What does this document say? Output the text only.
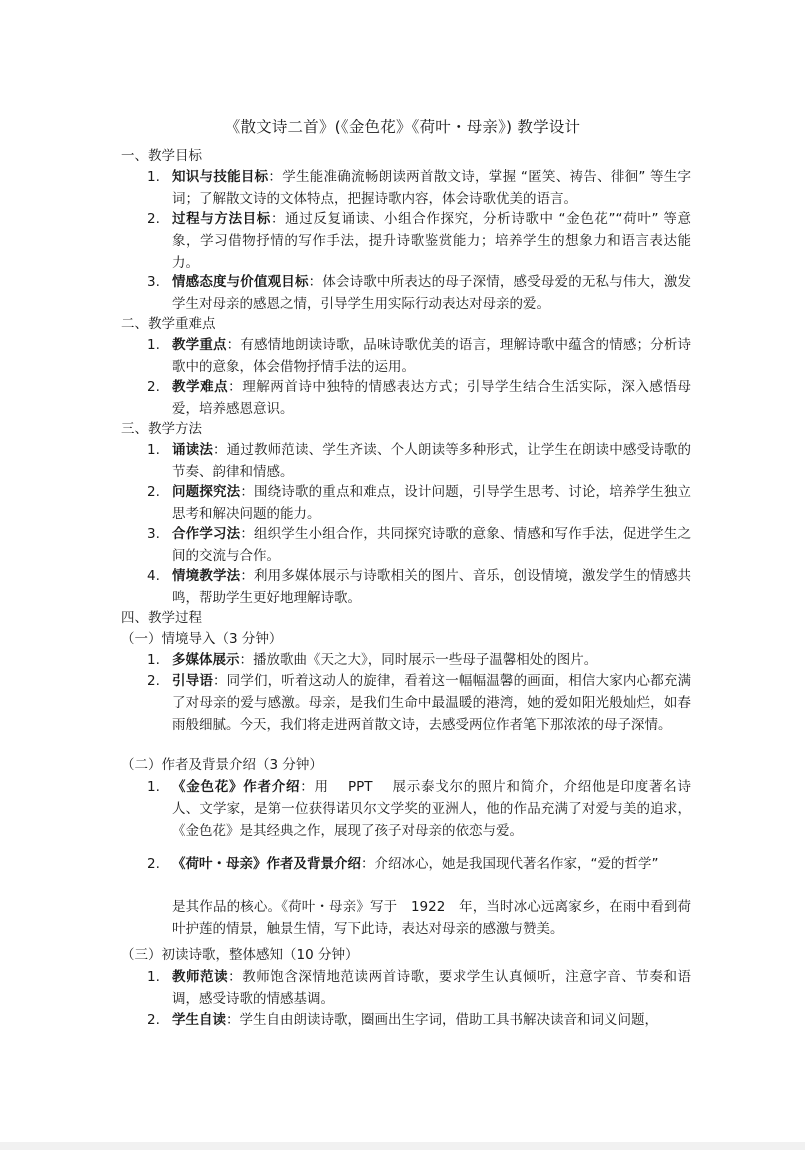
《散文诗二首》(《金色花》《荷叶・母亲》) 教学设计
一、教学目标
1. 知识与技能目标：学生能准确流畅朗读两首散文诗，掌握 “匿笑、祷告、徘徊” 等生字词；了解散文诗的文体特点，把握诗歌内容，体会诗歌优美的语言。
2. 过程与方法目标：通过反复诵读、小组合作探究，分析诗歌中 “金色花”“荷叶” 等意象，学习借物抒情的写作手法，提升诗歌鉴赏能力；培养学生的想象力和语言表达能力。
3. 情感态度与价值观目标：体会诗歌中所表达的母子深情，感受母爱的无私与伟大，激发学生对母亲的感恩之情，引导学生用实际行动表达对母亲的爱。
二、教学重难点
1. 教学重点：有感情地朗读诗歌，品味诗歌优美的语言，理解诗歌中蕴含的情感；分析诗歌中的意象，体会借物抒情手法的运用。
2. 教学难点：理解两首诗中独特的情感表达方式；引导学生结合生活实际，深入感悟母爱，培养感恩意识。
三、教学方法
1. 诵读法：通过教师范读、学生齐读、个人朗读等多种形式，让学生在朗读中感受诗歌的节奏、韵律和情感。
2. 问题探究法：围绕诗歌的重点和难点，设计问题，引导学生思考、讨论，培养学生独立思考和解决问题的能力。
3. 合作学习法：组织学生小组合作，共同探究诗歌的意象、情感和写作手法，促进学生之间的交流与合作。
4. 情境教学法：利用多媒体展示与诗歌相关的图片、音乐，创设情境，激发学生的情感共鸣，帮助学生更好地理解诗歌。
四、教学过程
（一）情境导入（3 分钟）
1. 多媒体展示：播放歌曲《天之大》，同时展示一些母子温馨相处的图片。
2. 引导语：同学们，听着这动人的旋律，看着这一幅幅温馨的画面，相信大家内心都充满了对母亲的爱与感激。母亲，是我们生命中最温暖的港湾，她的爱如阳光般灿烂，如春雨般细腻。今天，我们将走进两首散文诗，去感受两位作者笔下那浓浓的母子深情。
（二）作者及背景介绍（3 分钟）
1. 《金色花》作者介绍：用　 PPT　 展示泰戈尔的照片和简介，介绍他是印度著名诗人、文学家，是第一位获得诺贝尔文学奖的亚洲人，他的作品充满了对爱与美的追求，《金色花》是其经典之作，展现了孩子对母亲的依恋与爱。
2. 《荷叶・母亲》作者及背景介绍：介绍冰心，她是我国现代著名作家，“爱的哲学”
是其作品的核心。《荷叶・母亲》写于　1922　年，当时冰心远离家乡，在雨中看到荷叶护莲的情景，触景生情，写下此诗，表达对母亲的感激与赞美。
（三）初读诗歌，整体感知（10 分钟）
1. 教师范读：教师饱含深情地范读两首诗歌，要求学生认真倾听，注意字音、节奏和语调，感受诗歌的情感基调。
2. 学生自读：学生自由朗读诗歌，圈画出生字词，借助工具书解决读音和词义问题，
